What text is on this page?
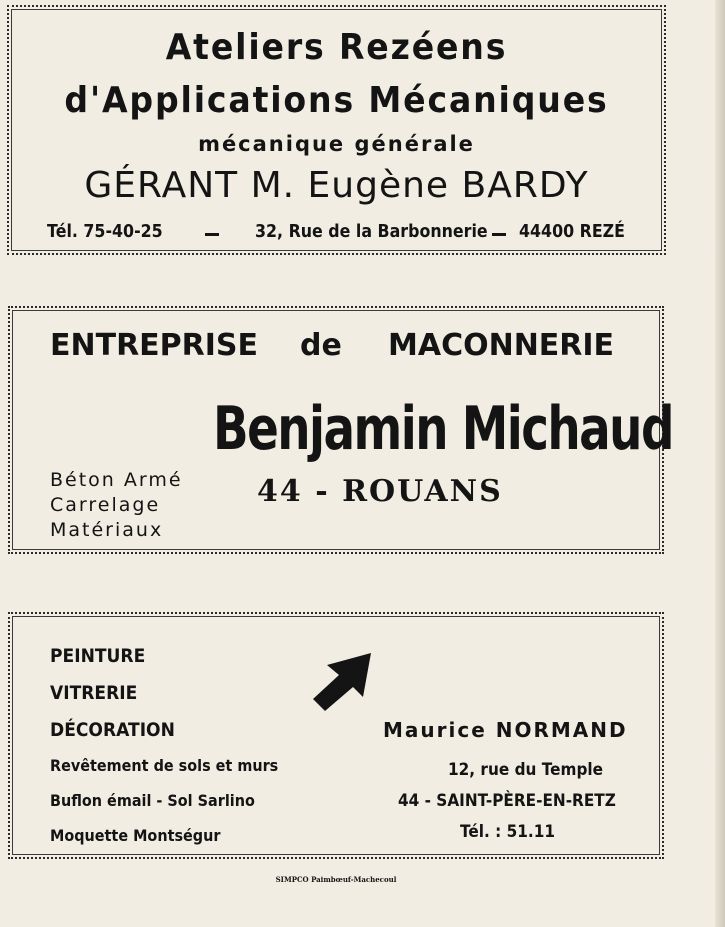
Ateliers Rezéens

d'Applications Mécaniques

mécanique générale

GÉRANT M. Eugène BARDY

Tél. 75-40-25	32, Rue de la Barbonnerie 44400 REZÉ

ENTREPRISE de MACONNERIE

Benjamin Michaud

44 - ROUANS

Béton Armé
Carrelage
Matériaux
PEINTURE
VITRERIE
DÉCORATION
Revêtement de sols et murs
Buflon émail - Sol Sarlino
Moquette Montségur

Maurice NORMAND

12, rue du Temple

44 - SAINT-PÈRE-EN-RETZ

Tél. : 51.11

SIMPCO Paimbœuf-Machecoul
